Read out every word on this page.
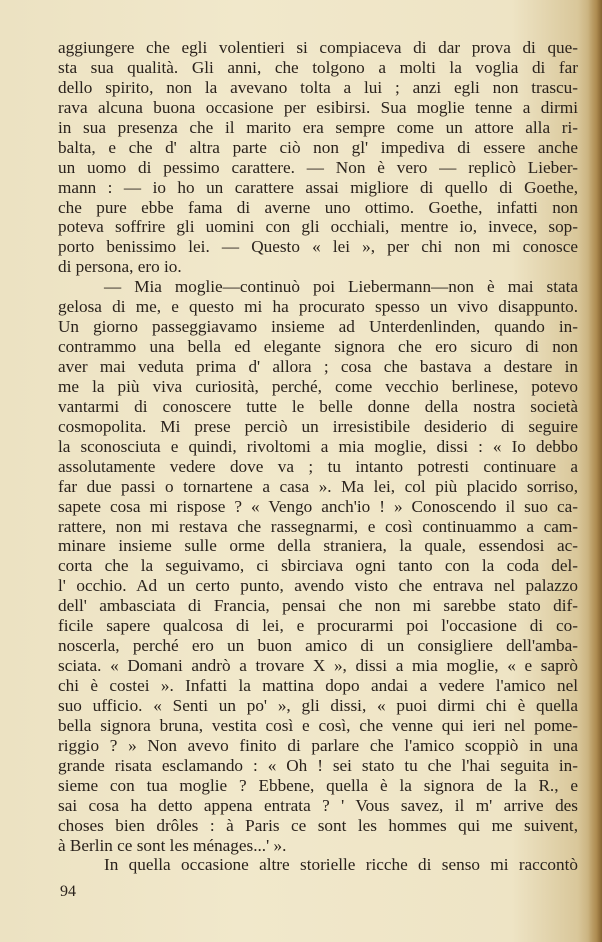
aggiungere che egli volentieri si compiaceva di dar prova di que-
sta sua qualità. Gli anni, che tolgono a molti la voglia di far
dello spirito, non la avevano tolta a lui ; anzi egli non trascu-
rava alcuna buona occasione per esibirsi. Sua moglie tenne a dirmi
in sua presenza che il marito era sempre come un attore alla ri-
balta, e che d' altra parte ciò non gl' impediva di essere anche
un uomo di pessimo carattere. — Non è vero — replicò Lieber-
mann : — io ho un carattere assai migliore di quello di Goethe,
che pure ebbe fama di averne uno ottimo. Goethe, infatti non
poteva soffrire gli uomini con gli occhiali, mentre io, invece, sop-
porto benissimo lei. — Questo « lei », per chi non mi conosce
di persona, ero io.
— Mia moglie—continuò poi Liebermann—non è mai stata
gelosa di me, e questo mi ha procurato spesso un vivo disappunto.
Un giorno passeggiavamo insieme ad Unterdenlinden, quando in-
contrammo una bella ed elegante signora che ero sicuro di non
aver mai veduta prima d' allora ; cosa che bastava a destare in
me la più viva curiosità, perché, come vecchio berlinese, potevo
vantarmi di conoscere tutte le belle donne della nostra società
cosmopolita. Mi prese perciò un irresistibile desiderio di seguire
la sconosciuta e quindi, rivoltomi a mia moglie, dissi : « Io debbo
assolutamente vedere dove va ; tu intanto potresti continuare a
far due passi o tornartene a casa ». Ma lei, col più placido sorriso,
sapete cosa mi rispose ? « Vengo anch'io ! » Conoscendo il suo ca-
rattere, non mi restava che rassegnarmi, e così continuammo a cam-
minare insieme sulle orme della straniera, la quale, essendosi ac-
corta che la seguivamo, ci sbirciava ogni tanto con la coda del-
l' occhio. Ad un certo punto, avendo visto che entrava nel palazzo
dell' ambasciata di Francia, pensai che non mi sarebbe stato dif-
ficile sapere qualcosa di lei, e procurarmi poi l'occasione di co-
noscerla, perché ero un buon amico di un consigliere dell'amba-
sciata. « Domani andrò a trovare X », dissi a mia moglie, « e saprò
chi è costei ». Infatti la mattina dopo andai a vedere l'amico nel
suo ufficio. « Senti un po' », gli dissi, « puoi dirmi chi è quella
bella signora bruna, vestita così e così, che venne qui ieri nel pome-
riggio ? » Non avevo finito di parlare che l'amico scoppiò in una
grande risata esclamando : « Oh ! sei stato tu che l'hai seguita in-
sieme con tua moglie ? Ebbene, quella è la signora de la R., e
sai cosa ha detto appena entrata ? ' Vous savez, il m' arrive des
choses bien drôles : à Paris ce sont les hommes qui me suivent,
à Berlin ce sont les ménages...' ».
In quella occasione altre storielle ricche di senso mi raccontò
94
